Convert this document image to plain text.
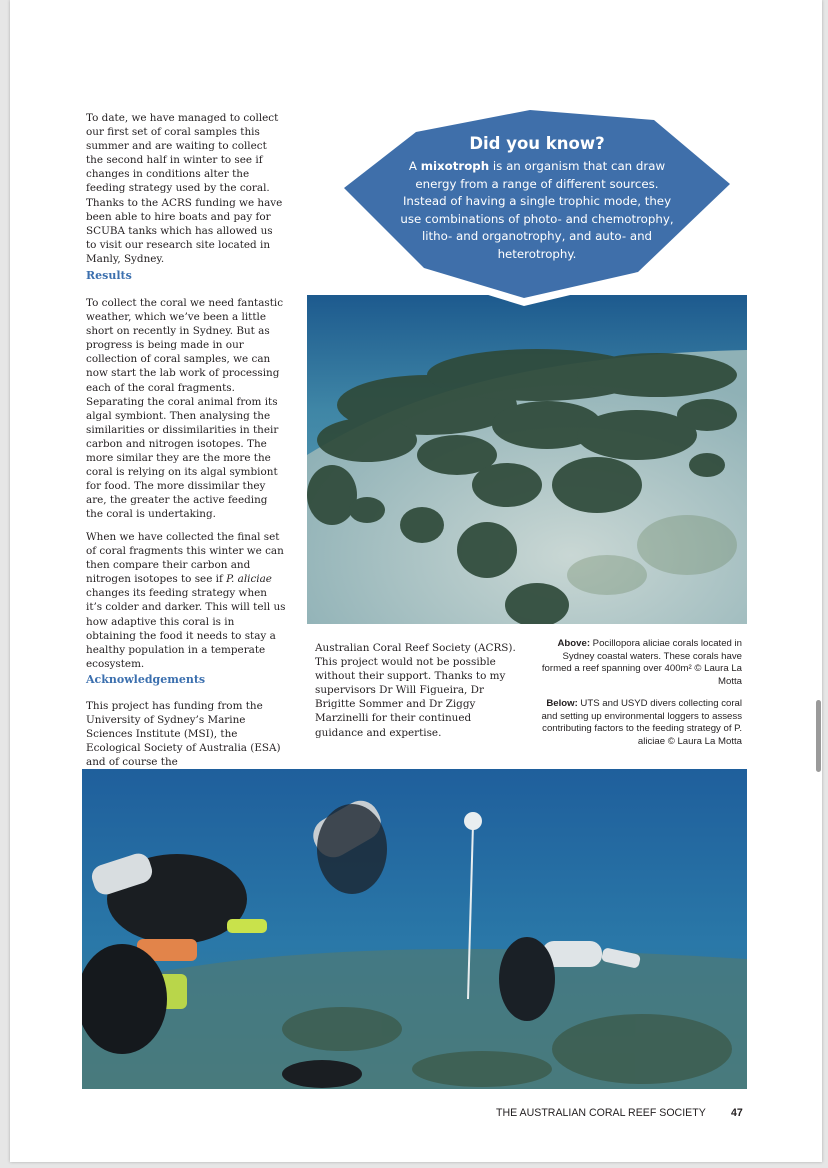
To date, we have managed to collect our first set of coral samples this summer and are waiting to collect the second half in winter to see if changes in conditions alter the feeding strategy used by the coral. Thanks to the ACRS funding we have been able to hire boats and pay for SCUBA tanks which has allowed us to visit our research site located in Manly, Sydney.

Results

To collect the coral we need fantastic weather, which we’ve been a little short on recently in Sydney. But as progress is being made in our collection of coral samples, we can now start the lab work of processing each of the coral fragments. Separating the coral animal from its algal symbiont. Then analysing the similarities or dissimilarities in their carbon and nitrogen isotopes. The more similar they are the more the coral is relying on its algal symbiont for food. The more dissimilar they are, the greater the active feeding the coral is undertaking.

When we have collected the final set of coral fragments this winter we can then compare their carbon and nitrogen isotopes to see if P. aliciae changes its feeding strategy when it’s colder and darker. This will tell us how adaptive this coral is in obtaining the food it needs to stay a healthy population in a temperate ecosystem.

Acknowledgements

This project has funding from the University of Sydney’s Marine Sciences Institute (MSI), the Ecological Society of Australia (ESA) and of course the

Australian Coral Reef Society (ACRS). This project would not be possible without their support. Thanks to my supervisors Dr Will Figueira, Dr Brigitte Sommer and Dr Ziggy Marzinelli for their continued guidance and expertise.

Did you know?
A mixotroph is an organism that can draw energy from a range of different sources. Instead of having a single trophic mode, they use combinations of photo- and chemotrophy, litho- and organotrophy, and auto- and heterotrophy.

Above: Pocillopora aliciae corals located in Sydney coastal waters. These corals have formed a reef spanning over 400m² © Laura La Motta

Below: UTS and USYD divers collecting coral and setting up environmental loggers to assess contributing factors to the feeding strategy of P. aliciae © Laura La Motta

THE AUSTRALIAN CORAL REEF SOCIETY 47
